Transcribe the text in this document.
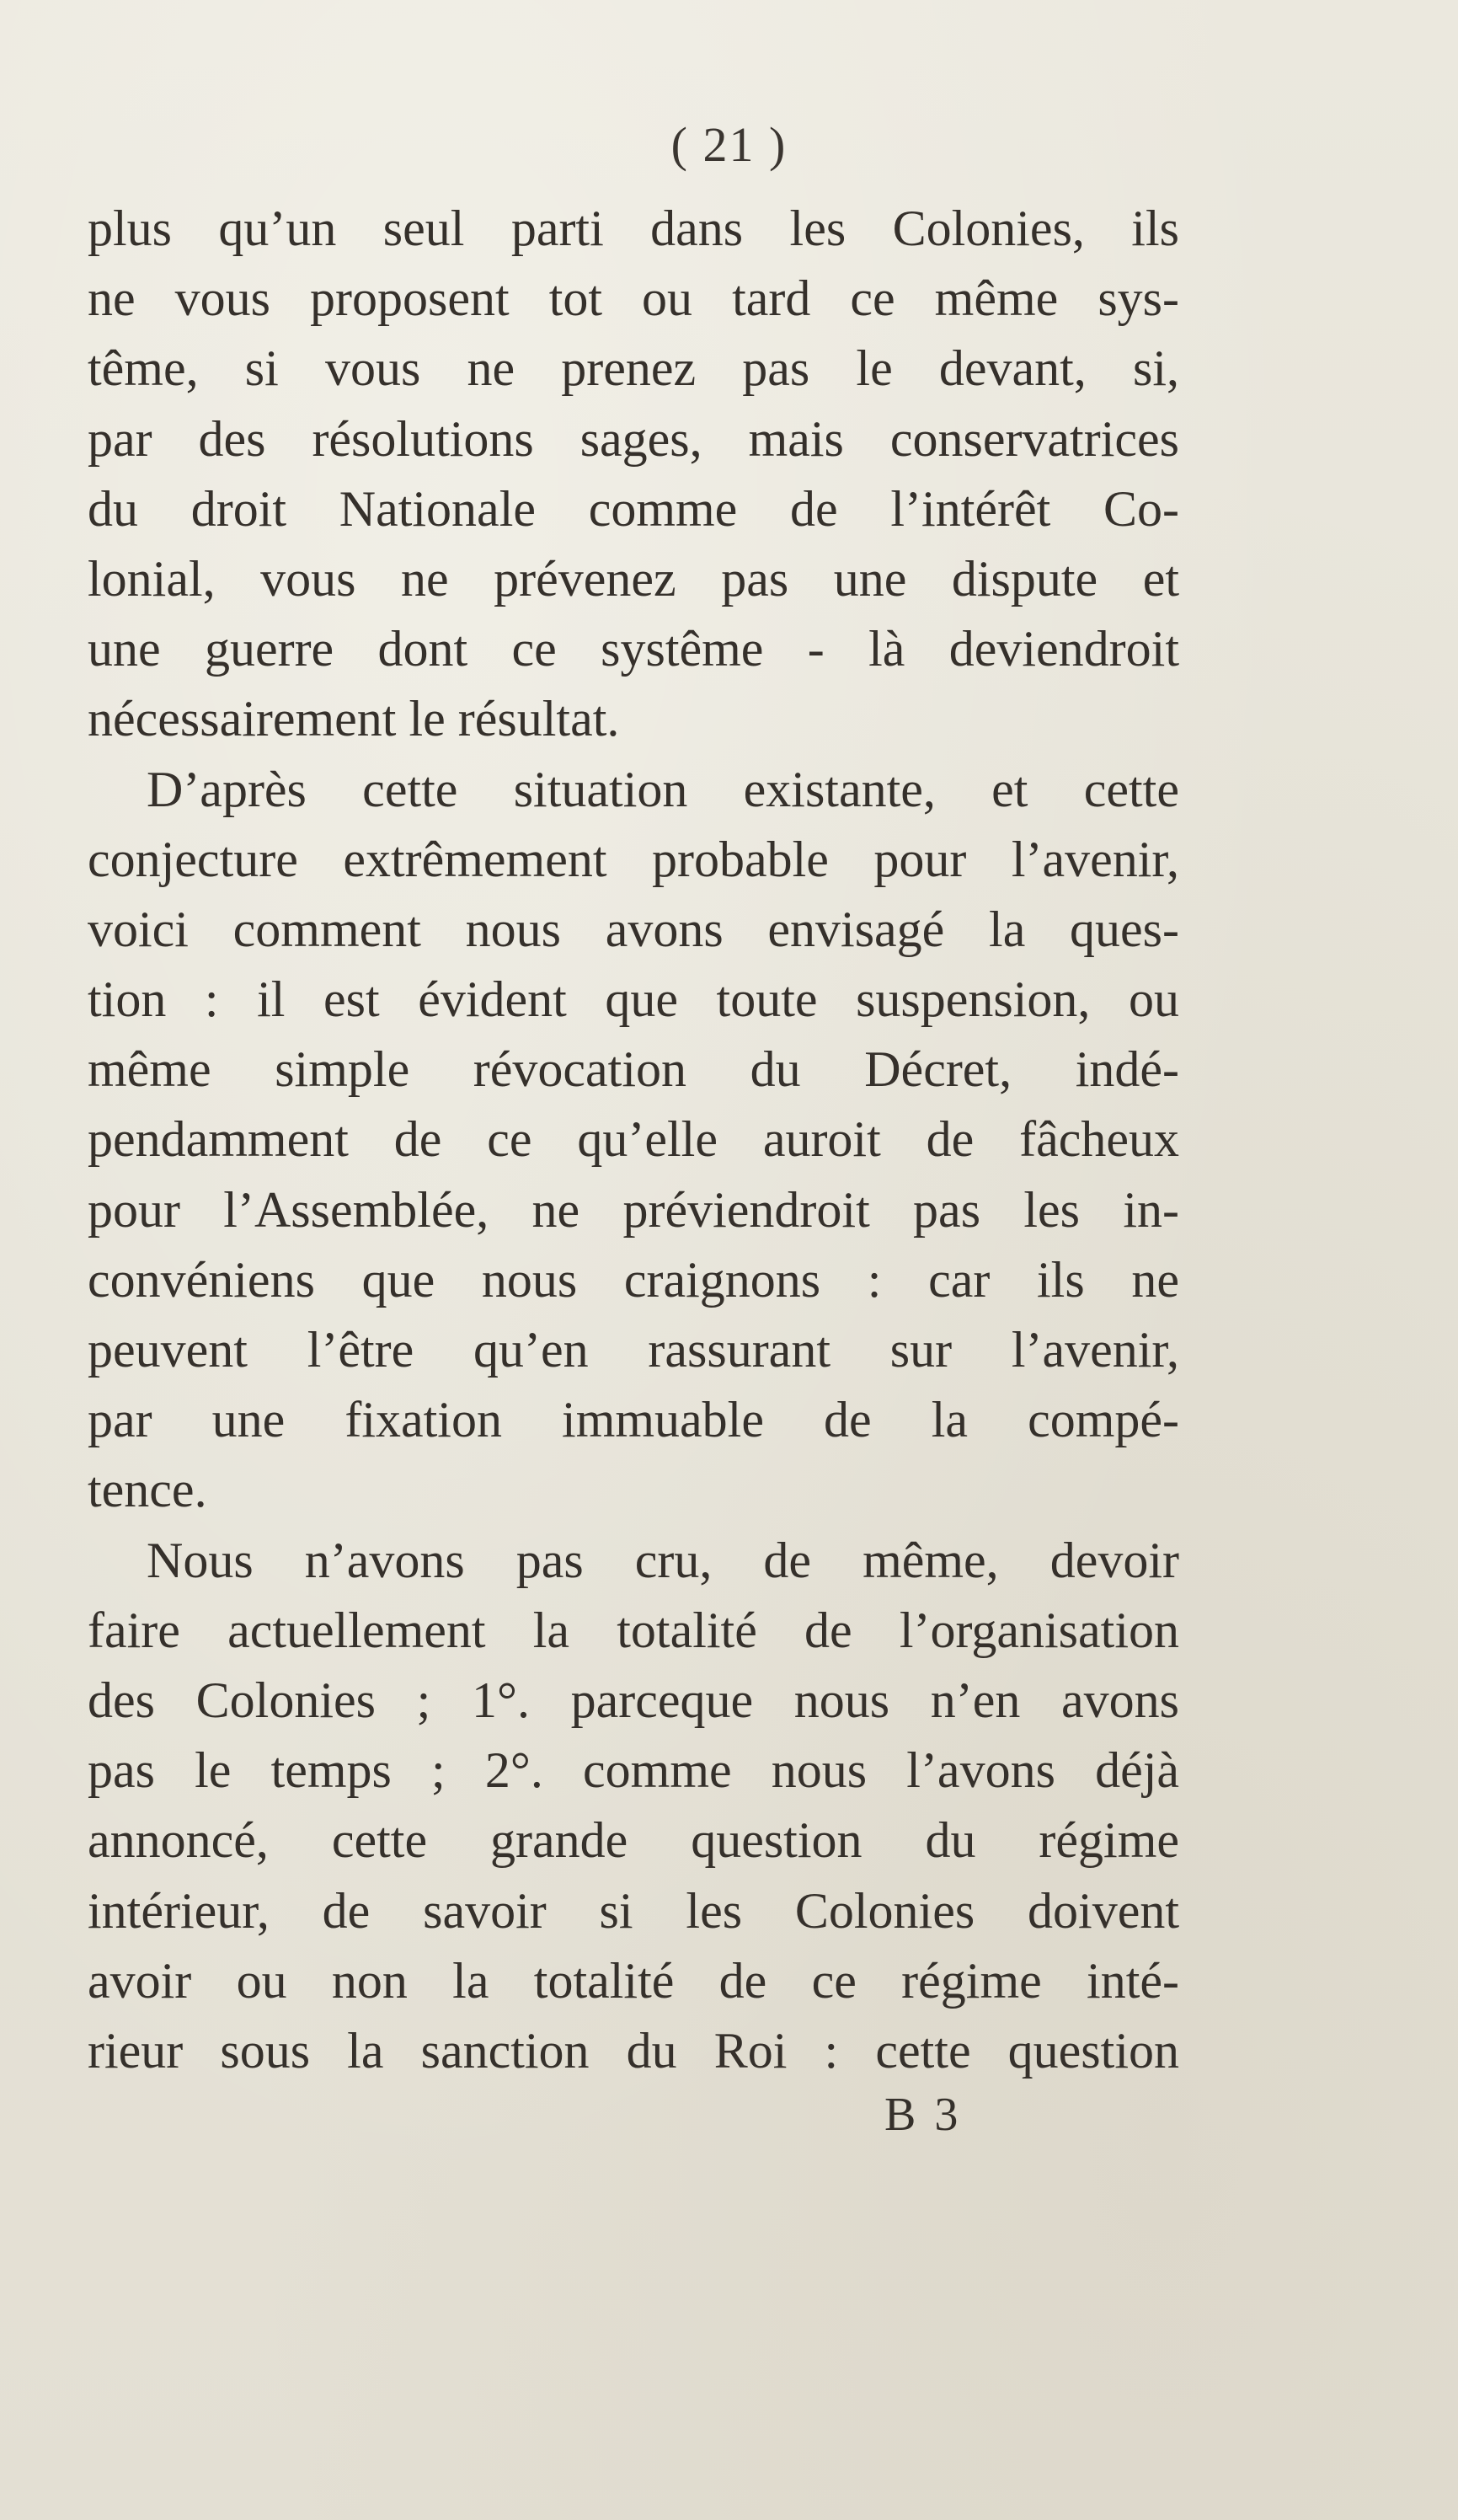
( 21 )
plus qu’un seul parti dans les Colonies, ils
ne vous proposent tot ou tard ce même sys-
tême, si vous ne prenez pas le devant, si,
par des résolutions sages, mais conservatrices
du droit Nationale comme de l’intérêt Co-
lonial, vous ne prévenez pas une dispute et
une guerre dont ce systême - là deviendroit
nécessairement le résultat.
D’après cette situation existante, et cette
conjecture extrêmement probable pour l’avenir,
voici comment nous avons envisagé la ques-
tion : il est évident que toute suspension, ou
même simple révocation du Décret, indé-
pendamment de ce qu’elle auroit de fâcheux
pour l’Assemblée, ne préviendroit pas les in-
convéniens que nous craignons : car ils ne
peuvent l’être qu’en rassurant sur l’avenir,
par une fixation immuable de la compé-
tence.
Nous n’avons pas cru, de même, devoir
faire actuellement la totalité de l’organisation
des Colonies ; 1°. parceque nous n’en avons
pas le temps ; 2°. comme nous l’avons déjà
annoncé, cette grande question du régime
intérieur, de savoir si les Colonies doivent
avoir ou non la totalité de ce régime inté-
rieur sous la sanction du Roi : cette question
B 3
